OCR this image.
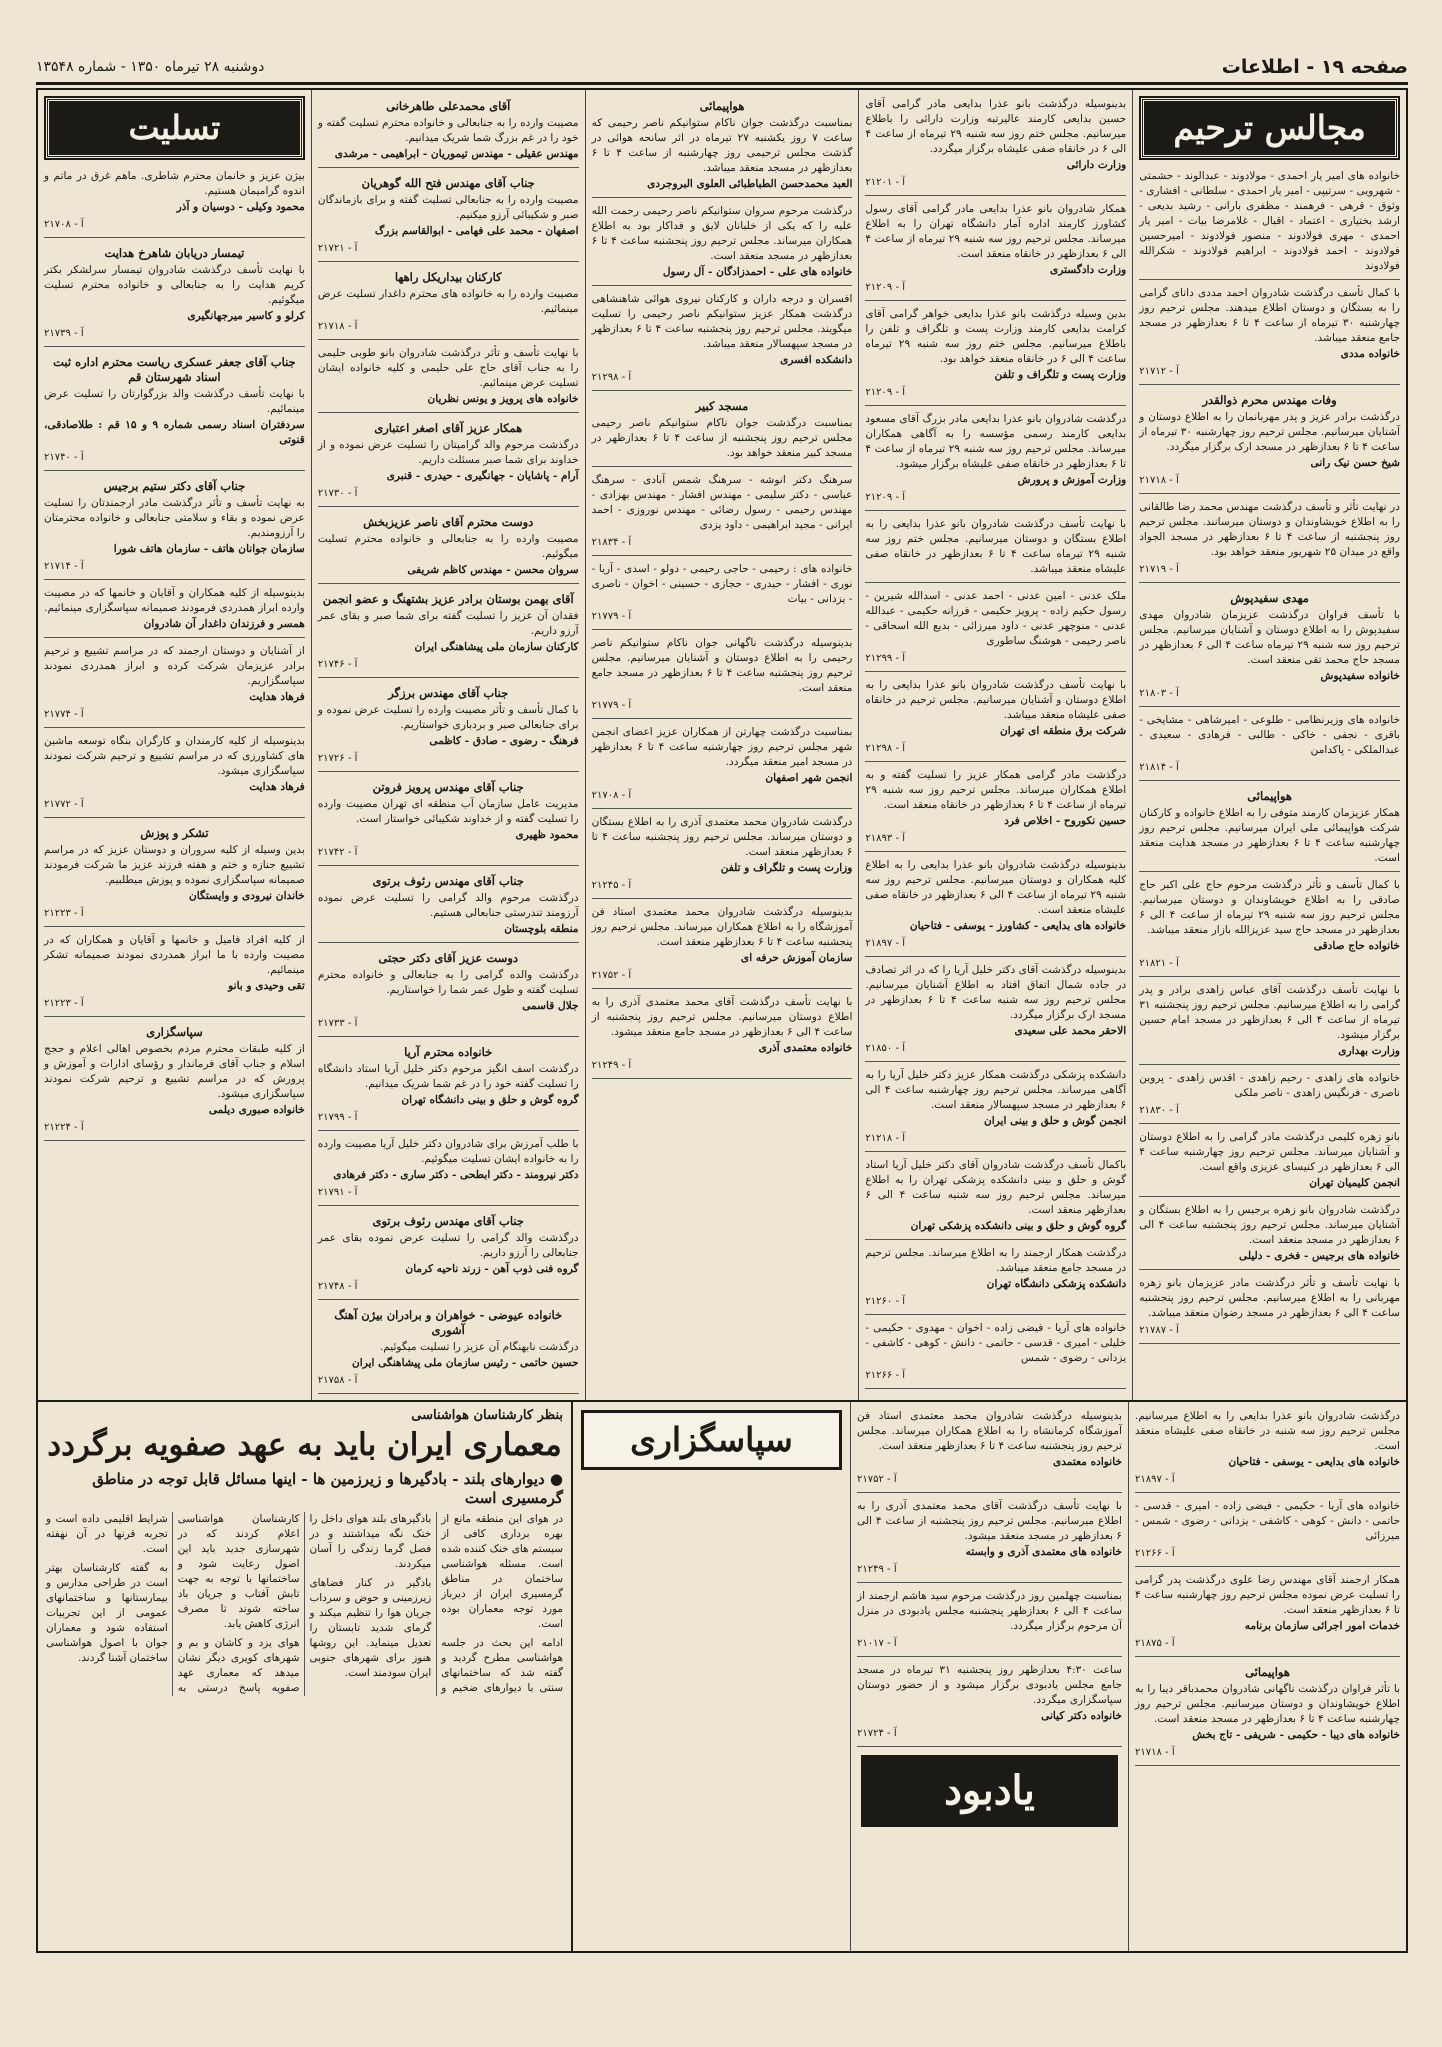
صفحه ۱۹ - اطلاعات
دوشنبه ۲۸ تیرماه ۱۳۵۰ - شماره ۱۳۵۴۸
مجالس ترحیم

خانواده های امیر یار احمدی - مولادوند - عبدالوند - حشمتی - شهرویی - سرتیپی - امیر یار احمدی - سلطانی - افشاری - وثوق - قرهی - فرهمند - مظفری بارانی - رشید بدیعی - ارشد بختیاری - اعتماد - اقبال - غلامرضا بیات - امیر یار احمدی - مهری فولادوند - منصور فولادوند - امیرحسین فولادوند - احمد فولادوند - ابراهیم فولادوند - شکرالله فولادوند

با کمال تأسف درگذشت شادروان احمد مددی دانای گرامی را به بستگان و دوستان اطلاع میدهند. مجلس ترحیم روز چهارشنبه ۳۰ تیرماه از ساعت ۴ تا ۶ بعدازظهر در مسجد جامع منعقد میباشد.

خانواده مددی
آ - ۲۱۷۱۲
وفات مهندس محرم ذوالقدر

درگذشت برادر عزیز و پدر مهربانمان را به اطلاع دوستان و آشنایان میرسانیم. مجلس ترحیم روز چهارشنبه ۳۰ تیرماه از ساعت ۴ تا ۶ بعدازظهر در مسجد ارک برگزار میگردد.

شیخ حسن نیک رانی
آ - ۲۱۷۱۸

در نهایت تأثر و تأسف درگذشت مهندس محمد رضا طالقانی را به اطلاع خویشاوندان و دوستان میرسانند. مجلس ترحیم روز پنجشنبه از ساعت ۴ تا ۶ بعدازظهر در مسجد الجواد واقع در میدان ۲۵ شهریور منعقد خواهد بود.

آ - ۲۱۷۱۹
مهدی سفیدپوش

با تأسف فراوان درگذشت عزیزمان شادروان مهدی سفیدپوش را به اطلاع دوستان و آشنایان میرسانیم. مجلس ترحیم روز سه شنبه ۲۹ تیرماه ساعت ۴ الی ۶ بعدازظهر در مسجد حاج محمد تقی منعقد است.

خانواده سفیدپوش
آ - ۲۱۸۰۳

خانواده های وزیرنظامی - طلوعی - امیرشاهی - مشایخی - باقری - نجفی - خاکی - طالبی - فرهادی - سعیدی - عبدالملکی - پاکدامن

آ - ۲۱۸۱۴
هواپیمائی

همکار عزیزمان کارمند متوفی را به اطلاع خانواده و کارکنان شرکت هواپیمائی ملی ایران میرسانیم. مجلس ترحیم روز چهارشنبه ساعت ۴ تا ۶ بعدازظهر در مسجد هدایت منعقد است.

با کمال تأسف و تأثر درگذشت مرحوم حاج علی اکبر حاج صادقی را به اطلاع خویشاوندان و دوستان میرسانیم. مجلس ترحیم روز سه شنبه ۲۹ تیرماه از ساعت ۴ الی ۶ بعدازظهر در مسجد حاج سید عزیزالله بازار منعقد میباشد.

خانواده حاج صادقی
آ - ۲۱۸۲۱

با نهایت تأسف درگذشت آقای عباس زاهدی برادر و پدر گرامی را به اطلاع میرسانیم. مجلس ترحیم روز پنجشنبه ۳۱ تیرماه از ساعت ۴ الی ۶ بعدازظهر در مسجد امام حسین برگزار میشود.

وزارت بهداری

خانواده های زاهدی - رحیم زاهدی - اقدس زاهدی - پروین ناصری - فرنگیس زاهدی - ناصر ملکی

آ - ۲۱۸۳۰

بانو زهره کلیمی درگذشت مادر گرامی را به اطلاع دوستان و آشنایان میرساند. مجلس ترحیم روز چهارشنبه ساعت ۴ الی ۶ بعدازظهر در کنیسای عزیزی واقع است.

انجمن کلیمیان تهران

درگذشت شادروان بانو زهره برجیس را به اطلاع بستگان و آشنایان میرساند. مجلس ترحیم روز پنجشنبه ساعت ۴ الی ۶ بعدازظهر در مسجد منعقد است.

خانواده های برجیس - فخری - دلیلی

با نهایت تأسف و تأثر درگذشت مادر عزیزمان بانو زهره مهربانی را به اطلاع میرسانیم. مجلس ترحیم روز پنجشنبه ساعت ۴ الی ۶ بعدازظهر در مسجد رضوان منعقد میباشد.

آ - ۲۱۷۸۷

بدینوسیله درگذشت بانو عذرا بدایعی مادر گرامی آقای حسین بدایعی کارمند عالیرتبه وزارت دارائی را باطلاع میرسانیم. مجلس ختم روز سه شنبه ۲۹ تیرماه از ساعت ۴ الی ۶ در خانقاه صفی علیشاه برگزار میگردد.

وزارت دارائی
آ - ۲۱۲۰۱

همکار شادروان بانو عذرا بدایعی مادر گرامی آقای رسول کشاورز کارمند اداره آمار دانشگاه تهران را به اطلاع میرساند. مجلس ترحیم روز سه شنبه ۲۹ تیرماه از ساعت ۴ الی ۶ بعدازظهر در خانقاه منعقد است.

وزارت دادگستری
آ - ۲۱۲۰۹

بدین وسیله درگذشت بانو عذرا بدایعی خواهر گرامی آقای کرامت بدایعی کارمند وزارت پست و تلگراف و تلفن را باطلاع میرسانیم. مجلس ختم روز سه شنبه ۲۹ تیرماه ساعت ۴ الی ۶ در خانقاه منعقد خواهد بود.

وزارت پست و تلگراف و تلفن
آ - ۲۱۲۰۹

درگذشت شادروان بانو عذرا بدایعی مادر بزرگ آقای مسعود بدایعی کارمند رسمی مؤسسه را به آگاهی همکاران میرساند. مجلس ترحیم روز سه شنبه ۲۹ تیرماه از ساعت ۴ تا ۶ بعدازظهر در خانقاه صفی علیشاه برگزار میشود.

وزارت آموزش و پرورش
آ - ۲۱۲۰۹

با نهایت تأسف درگذشت شادروان بانو عذرا بدایعی را به اطلاع بستگان و دوستان میرسانیم. مجلس ختم روز سه شنبه ۲۹ تیرماه ساعت ۴ تا ۶ بعدازظهر در خانقاه صفی علیشاه منعقد میباشد.

ملک عدنی - امین عدنی - احمد عدنی - اسدالله شیرین - رسول حکیم زاده - پرویز حکیمی - فرزانه حکیمی - عبدالله عدنی - منوچهر عدنی - داود میرزائی - بدیع الله اسحاقی - ناصر رحیمی - هوشنگ ساطوری

آ - ۲۱۲۹۹

با نهایت تأسف درگذشت شادروان بانو عذرا بدایعی را به اطلاع دوستان و آشنایان میرسانیم. مجلس ترحیم در خانقاه صفی علیشاه منعقد میباشد.

شرکت برق منطقه ای تهران
آ - ۲۱۲۹۸

درگذشت مادر گرامی همکار عزیز را تسلیت گفته و به اطلاع همکاران میرساند. مجلس ترحیم روز سه شنبه ۲۹ تیرماه از ساعت ۴ تا ۶ بعدازظهر در خانقاه منعقد است.

حسین نکوروح - اخلاص فرد
آ - ۲۱۸۹۳

بدینوسیله درگذشت شادروان بانو عذرا بدایعی را به اطلاع کلیه همکاران و دوستان میرسانیم. مجلس ترحیم روز سه شنبه ۲۹ تیرماه از ساعت ۴ الی ۶ بعدازظهر در خانقاه صفی علیشاه منعقد است.

خانواده های بدایعی - کشاورز - یوسفی - فتاحیان
آ - ۲۱۸۹۷

بدینوسیله درگذشت آقای دکتر خلیل آریا را که در اثر تصادف در جاده شمال اتفاق افتاد به اطلاع آشنایان میرسانیم. مجلس ترحیم روز سه شنبه ساعت ۴ تا ۶ بعدازظهر در مسجد ارک برگزار میگردد.

الاحقر محمد علی سعیدی
آ - ۲۱۸۵۰

دانشکده پزشکی درگذشت همکار عزیز دکتر خلیل آریا را به آگاهی میرساند. مجلس ترحیم روز چهارشنبه ساعت ۴ الی ۶ بعدازظهر در مسجد سپهسالار منعقد است.

انجمن گوش و حلق و بینی ایران
آ - ۲۱۲۱۸

باکمال تأسف درگذشت شادروان آقای دکتر خلیل آریا استاد گوش و حلق و بینی دانشکده پزشکی تهران را به اطلاع میرساند. مجلس ترحیم روز سه شنبه ساعت ۴ الی ۶ بعدازظهر منعقد است.

گروه گوش و حلق و بینی دانشکده پزشکی تهران

درگذشت همکار ارجمند را به اطلاع میرساند. مجلس ترحیم در مسجد جامع منعقد میباشد.

دانشکده پزشکی دانشگاه تهران
آ - ۲۱۲۶۰

خانواده های آریا - فیضی زاده - اخوان - مهدوی - حکیمی - خلیلی - امیری - قدسی - حاتمی - دانش - کوهی - کاشفی - یزدانی - رضوی - شمس

آ - ۲۱۲۶۶
هواپیمائی

بمناسبت درگذشت جوان ناکام ستوانیکم ناصر رحیمی که ساعت ۷ روز یکشنبه ۲۷ تیرماه در اثر سانحه هوائی در گذشت مجلس ترحیمی روز چهارشنبه از ساعت ۴ تا ۶ بعدازظهر در مسجد منعقد میباشد.

العبد محمدحسن الطباطبائی العلوی البروجردی

درگذشت مرحوم سروان ستوانیکم ناصر رحیمی رحمت الله علیه را که یکی از خلبانان لایق و فداکار بود به اطلاع همکاران میرساند. مجلس ترحیم روز پنجشنبه ساعت ۴ تا ۶ بعدازظهر در مسجد منعقد است.

خانواده های علی - احمدزادگان - آل رسول

افسران و درجه داران و کارکنان نیروی هوائی شاهنشاهی درگذشت همکار عزیز ستوانیکم ناصر رحیمی را تسلیت میگویند. مجلس ترحیم روز پنجشنبه ساعت ۴ تا ۶ بعدازظهر در مسجد سپهسالار منعقد میباشد.

دانشکده افسری
آ - ۲۱۲۹۸
مسجد کبیر

بمناسبت درگذشت جوان ناکام ستوانیکم ناصر رحیمی مجلس ترحیم روز پنجشنبه از ساعت ۴ تا ۶ بعدازظهر در مسجد کبیر منعقد خواهد بود.

سرهنگ دکتر انوشه - سرهنگ شمس آبادی - سرهنگ عباسی - دکتر سلیمی - مهندس افشار - مهندس بهزادی - مهندس رحیمی - رسول رضائی - مهندس نوروزی - احمد ایرانی - مجید ابراهیمی - داود یزدی

آ - ۲۱۸۳۴

خانواده های : رحیمی - حاجی رحیمی - دولو - اسدی - آریا - نوری - افشار - حیدری - حجازی - حسینی - اخوان - ناصری - یزدانی - بیات

آ - ۲۱۷۷۹

بدینوسیله درگذشت ناگهانی جوان ناکام ستوانیکم ناصر رحیمی را به اطلاع دوستان و آشنایان میرسانیم. مجلس ترحیم روز پنجشنبه ساعت ۴ تا ۶ بعدازظهر در مسجد جامع منعقد است.

آ - ۲۱۷۷۹

بمناسبت درگذشت چهارتن از همکاران عزیز اعضای انجمن شهر مجلس ترحیم روز چهارشنبه ساعت ۴ تا ۶ بعدازظهر در مسجد امیر منعقد میگردد.

انجمن شهر اصفهان
آ - ۲۱۷۰۸

درگذشت شادروان محمد معتمدی آذری را به اطلاع بستگان و دوستان میرساند. مجلس ترحیم روز پنجشنبه ساعت ۴ تا ۶ بعدازظهر منعقد است.

وزارت پست و تلگراف و تلفن
آ - ۲۱۲۴۵

بدینوسیله درگذشت شادروان محمد معتمدی استاد فن آموزشگاه را به اطلاع همکاران میرساند. مجلس ترحیم روز پنجشنبه ساعت ۴ تا ۶ بعدازظهر منعقد است.

سازمان آموزش حرفه ای
آ - ۲۱۷۵۲

با نهایت تأسف درگذشت آقای محمد معتمدی آذری را به اطلاع دوستان میرسانیم. مجلس ترحیم روز پنجشنبه از ساعت ۴ الی ۶ بعدازظهر در مسجد جامع منعقد میشود.

خانواده معتمدی آذری
آ - ۲۱۲۴۹
آقای محمدعلی طاهرخانی

مصیبت وارده را به جنابعالی و خانواده محترم تسلیت گفته و خود را در غم بزرگ شما شریک میدانیم.

مهندس عقیلی - مهندس تیموریان - ابراهیمی - مرشدی
جناب آقای مهندس فتح الله گوهریان

مصیبت وارده را به جنابعالی تسلیت گفته و برای بازماندگان صبر و شکیبائی آرزو میکنیم.

اصفهان - محمد علی فهامی - ابوالقاسم بزرگ
آ - ۲۱۷۲۱
کارکنان بیداریکل راهها

مصیبت وارده را به خانواده های محترم داغدار تسلیت عرض مینمائیم.

آ - ۲۱۷۱۸

با نهایت تأسف و تأثر درگذشت شادروان بانو طوبی حلیمی را به جناب آقای حاج علی حلیمی و کلیه خانواده ایشان تسلیت عرض مینمائیم.

خانواده های پرویز و یونس نظریان
همکار عزیز آقای اصغر اعتباری

درگذشت مرحوم والد گرامیتان را تسلیت عرض نموده و از خداوند برای شما صبر مسئلت داریم.

آرام - پاشایان - جهانگیری - حیدری - قنبری
آ - ۲۱۷۳۰
دوست محترم آقای ناصر عزیزبخش

مصیبت وارده را به جنابعالی و خانواده محترم تسلیت میگوئیم.

سروان محسن - مهندس کاظم شریفی
آقای بهمن بوستان برادر عزیز بشتهنگ و عضو انجمن

فقدان آن عزیز را تسلیت گفته برای شما صبر و بقای عمر آرزو داریم.

کارکنان سازمان ملی پیشاهنگی ایران
آ - ۲۱۷۴۶
جناب آقای مهندس برزگر

با کمال تأسف و تأثر مصیبت وارده را تسلیت عرض نموده و برای جنابعالی صبر و بردباری خواستاریم.

فرهنگ - رضوی - صادق - کاظمی
آ - ۲۱۷۲۶
جناب آقای مهندس پرویز فروتن

مدیریت عامل سازمان آب منطقه ای تهران مصیبت وارده را تسلیت گفته و از خداوند شکیبائی خواستار است.

محمود ظهیری
آ - ۲۱۷۴۲
جناب آقای مهندس رئوف برتوی

درگذشت مرحوم والد گرامی را تسلیت عرض نموده آرزومند تندرستی جنابعالی هستیم.

منطقه بلوچستان
دوست عزیز آقای دکتر حجتی

درگذشت والده گرامی را به جنابعالی و خانواده محترم تسلیت گفته و طول عمر شما را خواستاریم.

جلال قاسمی
آ - ۲۱۷۳۳
خانواده محترم آریا

درگذشت اسف انگیز مرحوم دکتر خلیل آریا استاد دانشگاه را تسلیت گفته خود را در غم شما شریک میدانیم.

گروه گوش و حلق و بینی دانشگاه تهران
آ - ۲۱۷۹۹

با طلب آمرزش برای شادروان دکتر خلیل آریا مصیبت وارده را به خانواده ایشان تسلیت میگوئیم.

دکتر نیرومند - دکتر ابطحی - دکتر ساری - دکتر فرهادی
آ - ۲۱۷۹۱
جناب آقای مهندس رئوف برتوی

درگذشت والد گرامی را تسلیت عرض نموده بقای عمر جنابعالی را آرزو داریم.

گروه فنی ذوب آهن - زرند ناحیه کرمان
آ - ۲۱۷۴۸
خانواده عیوضی - خواهران و برادران بیژن آهنگ آشوری

درگذشت نابهنگام آن عزیز را تسلیت میگوئیم.

حسین حاتمی - رئیس سازمان ملی پیشاهنگی ایران
آ - ۲۱۷۵۸
تسلیت

بیژن عزیز و خانمان محترم شاطری. ماهم غرق در ماتم و اندوه گرامیمان هستیم.

محمود وکیلی - دوسیان و آذر
آ - ۲۱۷۰۸
تیمسار دریابان شاهرخ هدایت

با نهایت تأسف درگذشت شادروان تیمسار سرلشکر بکتر کریم هدایت را به جنابعالی و خانواده محترم تسلیت میگوئیم.

کرلو و کاسیر میرجهانگیری
آ - ۲۱۷۳۹
جناب آقای جعفر عسکری ریاست محترم اداره ثبت اسناد شهرستان قم

با نهایت تأسف درگذشت والد بزرگوارتان را تسلیت عرض مینمائیم.

سردفتران اسناد رسمی شماره ۹ و ۱۵ قم : طلاصادقی، قنوتی
آ - ۲۱۷۴۰
جناب آقای دکتر ستیم برجیس

به نهایت تأسف و تأثر درگذشت مادر ارجمندتان را تسلیت عرض نموده و بقاء و سلامتی جنابعالی و خانواده محترمتان را آرزومندیم.

سازمان جوانان هاتف - سازمان هاتف شورا
آ - ۲۱۷۱۴

بدینوسیله از کلیه همکاران و آقایان و خانمها که در مصیبت وارده ابراز همدردی فرمودند صمیمانه سپاسگزاری مینمائیم.

همسر و فرزندان داغدار آن شادروان

از آشنایان و دوستان ارجمند که در مراسم تشییع و ترحیم برادر عزیزمان شرکت کرده و ابراز همدردی نمودند سپاسگزاریم.

فرهاد هدایت
آ - ۲۱۷۷۴

بدینوسیله از کلیه کارمندان و کارگران بنگاه توسعه ماشین های کشاورزی که در مراسم تشییع و ترحیم شرکت نمودند سپاسگزاری میشود.

فرهاد هدایت
آ - ۲۱۷۷۲
تشکر و پوزش

بدین وسیله از کلیه سروران و دوستان عزیز که در مراسم تشییع جنازه و ختم و هفته فرزند عزیز ما شرکت فرمودند صمیمانه سپاسگزاری نموده و پوزش میطلبیم.

خاندان نیرودی و وایستگان
آ - ۲۱۲۲۳

از کلیه افراد فامیل و خانمها و آقایان و همکاران که در مصیبت وارده با ما ابراز همدردی نمودند صمیمانه تشکر مینمائیم.

تقی وحیدی و بانو
آ - ۲۱۲۲۳
سپاسگزاری

از کلیه طبقات محترم مردم بخصوص اهالی اعلام و حجج اسلام و جناب آقای فرماندار و رؤسای ادارات و آموزش و پرورش که در مراسم تشییع و ترحیم شرکت نمودند سپاسگزاری میشود.

خانواده صبوری دیلمی
آ - ۲۱۲۲۴
بنظر کارشناسان هواشناسی
معماری ایران باید به عهد صفویه برگردد
● دیوارهای بلند - بادگیرها و زیرزمین ها - اینها مسائل قابل توجه در مناطق گرمسیری است

در هوای این منطقه مانع از بهره برداری کافی از سیستم های خنک کننده شده است. مسئله هواشناسی ساختمان در مناطق گرمسیری ایران از دیرباز مورد توجه معماران بوده است.

ادامه این بحث در جلسه هواشناسی مطرح گردید و گفته شد که ساختمانهای سنتی با دیوارهای ضخیم و بادگیرهای بلند هوای داخل را خنک نگه میداشتند و در فصل گرما زندگی را آسان میکردند.

بادگیر در کنار فضاهای زیرزمینی و حوض و سرداب جریان هوا را تنظیم میکند و گرمای شدید تابستان را تعدیل مینماید. این روشها هنوز برای شهرهای جنوبی ایران سودمند است.

کارشناسان هواشناسی اعلام کردند که در شهرسازی جدید باید این اصول رعایت شود و ساختمانها با توجه به جهت تابش آفتاب و جریان باد ساخته شوند تا مصرف انرژی کاهش یابد.

هوای یزد و کاشان و بم و شهرهای کویری دیگر نشان میدهد که معماری عهد صفویه پاسخ درستی به شرایط اقلیمی داده است و تجربه قرنها در آن نهفته است.

به گفته کارشناسان بهتر است در طراحی مدارس و بیمارستانها و ساختمانهای عمومی از این تجربیات استفاده شود و معماران جوان با اصول هواشناسی ساختمان آشنا گردند.

درگذشت شادروان بانو عذرا بدایعی را به اطلاع میرسانیم. مجلس ترحیم روز سه شنبه در خانقاه صفی علیشاه منعقد است.

خانواده های بدایعی - یوسفی - فتاحیان
آ - ۲۱۸۹۷

خانواده های آریا - حکیمی - فیضی زاده - امیری - قدسی - حاتمی - دانش - کوهی - کاشفی - یزدانی - رضوی - شمس - میرزائی

آ - ۲۱۲۶۶

همکار ارجمند آقای مهندس رضا علوی درگذشت پدر گرامی را تسلیت عرض نموده مجلس ترحیم روز چهارشنبه ساعت ۴ تا ۶ بعدازظهر منعقد است.

خدمات امور اجرائی سازمان برنامه
آ - ۲۱۸۷۵
هواپیمائی

با تأثر فراوان درگذشت ناگهانی شادروان محمدباقر دیبا را به اطلاع خویشاوندان و دوستان میرسانیم. مجلس ترحیم روز چهارشنبه ساعت ۴ تا ۶ بعدازظهر در مسجد منعقد است.

خانواده های دیبا - حکیمی - شریفی - تاج بخش
آ - ۲۱۷۱۸

بدینوسیله درگذشت شادروان محمد معتمدی استاد فن آموزشگاه کرمانشاه را به اطلاع همکاران میرساند. مجلس ترحیم روز پنجشنبه ساعت ۴ تا ۶ بعدازظهر منعقد است.

خانواده معتمدی
آ - ۲۱۷۵۲

با نهایت تأسف درگذشت آقای محمد معتمدی آذری را به اطلاع میرسانیم. مجلس ترحیم روز پنجشنبه از ساعت ۴ الی ۶ بعدازظهر در مسجد منعقد میشود.

خانواده های معتمدی آذری و وابسته
آ - ۲۱۲۴۹

بمناسبت چهلمین روز درگذشت مرحوم سید هاشم ارجمند از ساعت ۴ الی ۶ بعدازظهر پنجشنبه مجلس یادبودی در منزل آن مرحوم برگزار میگردد.

آ - ۲۱۰۱۷

ساعت ۴:۳۰ بعدازظهر روز پنجشنبه ۳۱ تیرماه در مسجد جامع مجلس یادبودی برگزار میشود و از حضور دوستان سپاسگزاری میگردد.

خانواده دکتر کیانی
آ - ۲۱۷۲۴
یادبود
سپاسگزاری
